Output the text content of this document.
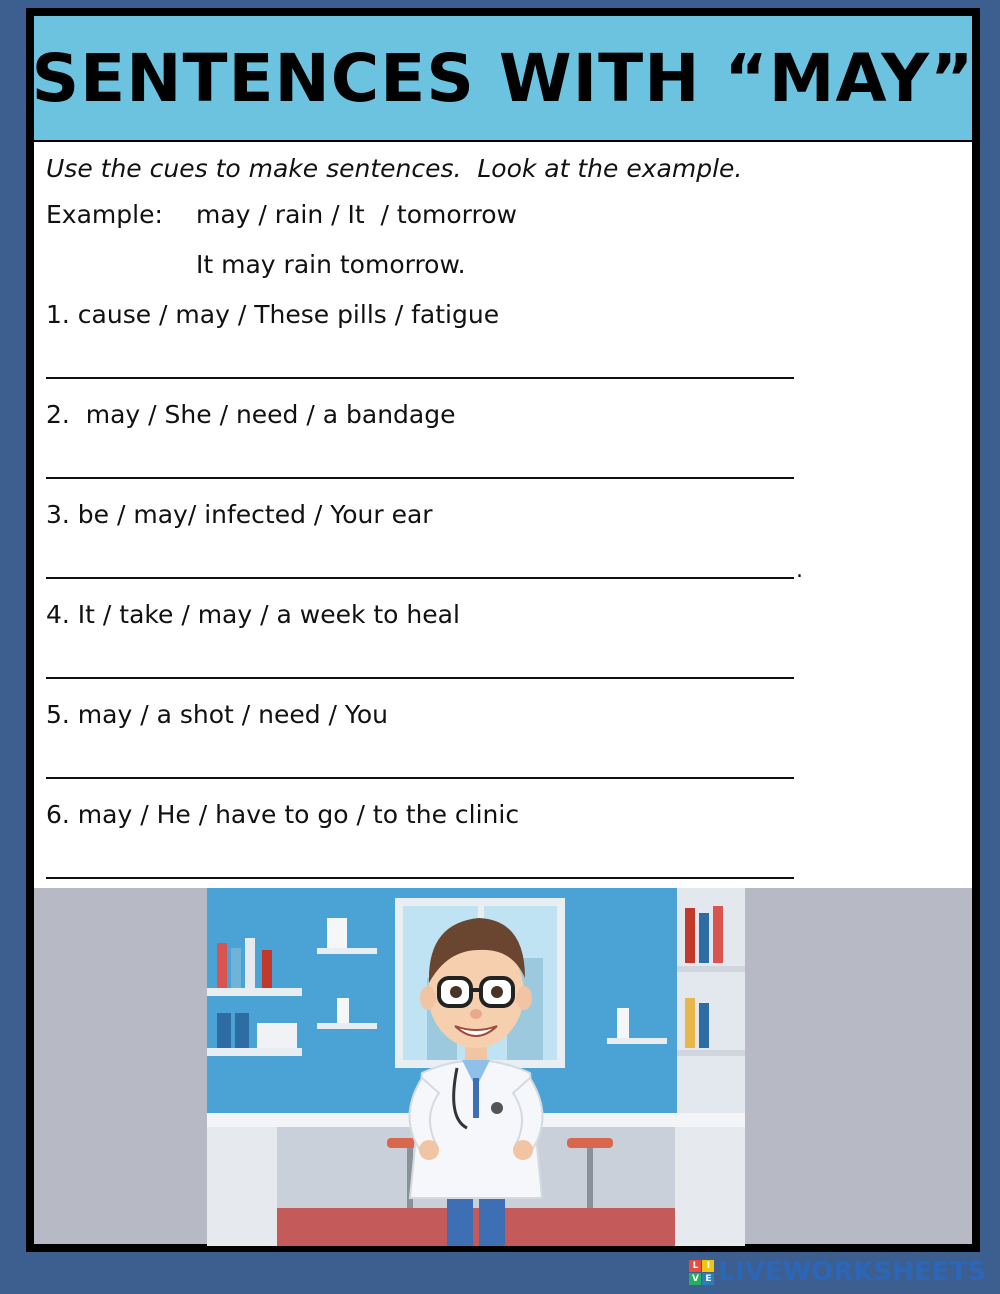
SENTENCES WITH “MAY”
Use the cues to make sentences.  Look at the example.
Example: may / rain / It  / tomorrow
It may rain tomorrow.
1. cause / may / These pills / fatigue
2.  may / She / need / a bandage
3. be / may/ infected / Your ear
.
4. It / take / may / a week to heal
5. may / a shot / need / You
6. may / He / have to go / to the clinic
L I
V E LIVEWORKSHEETS
